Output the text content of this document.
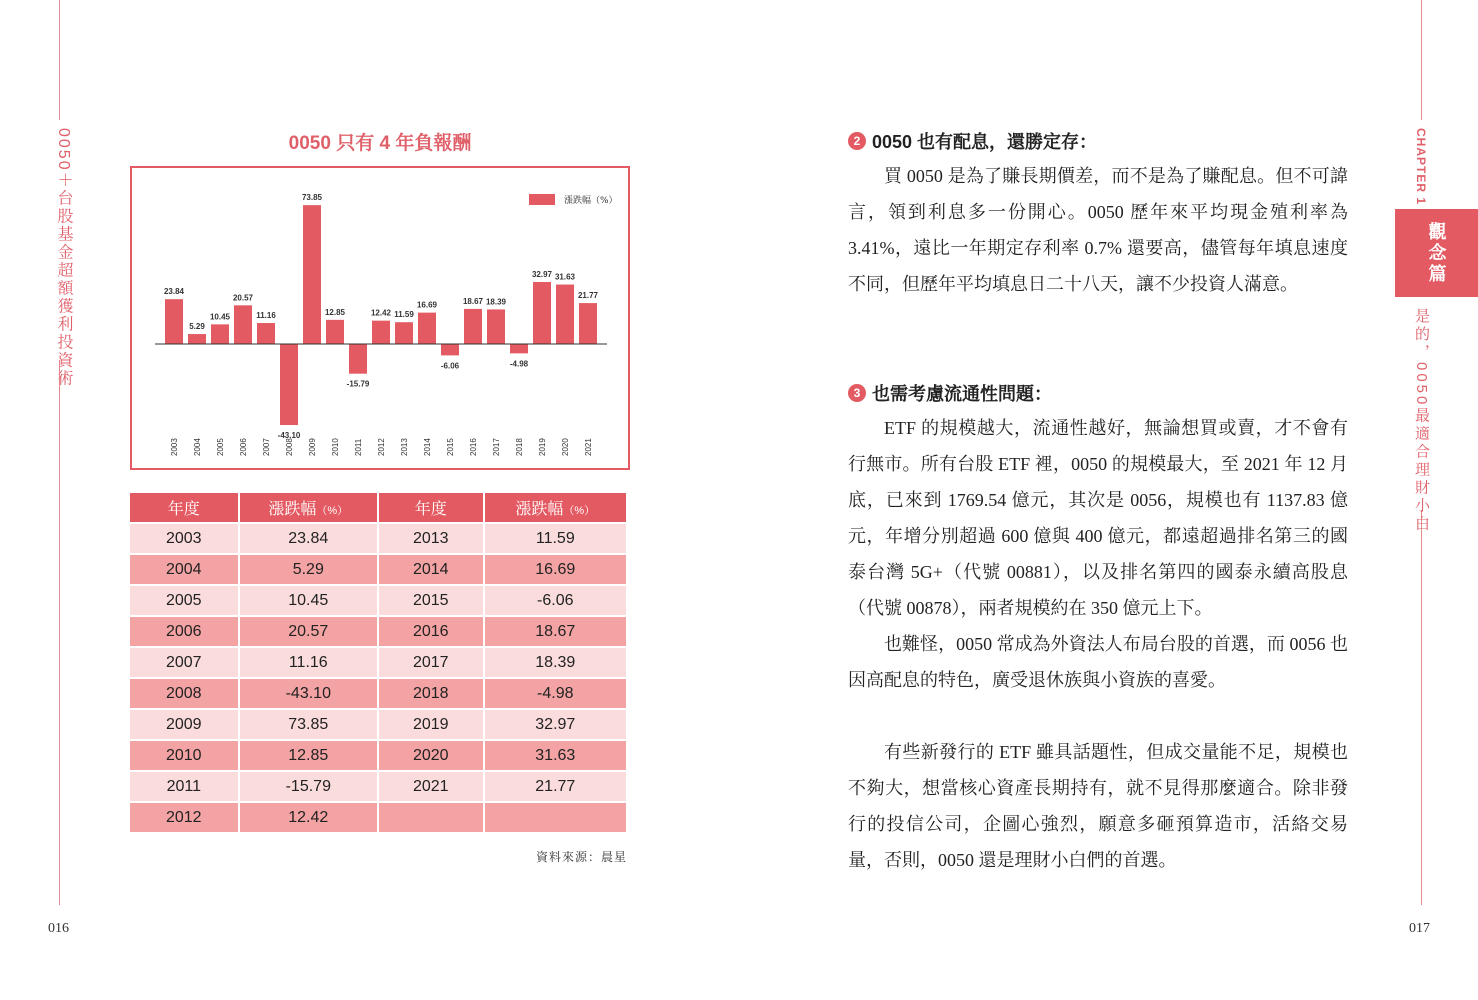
0050＋台股基金超額獲利投資術
016
0050 只有 4 年負報酬
漲跌幅（%）
23.84
2003
5.29
2004
10.45
2005
20.57
2006
11.16
2007
-43.10
2008
73.85
2009
12.85
2010
-15.79
2011
12.42
2012
11.59
2013
16.69
2014
-6.06
2015
18.67
2016
18.39
2017
-4.98
2018
32.97
2019
31.63
2020
21.77
2021
年度	漲跌幅（%）	年度	漲跌幅（%）
2003	23.84	2013	11.59
2004	5.29	2014	16.69
2005	10.45	2015	-6.06
2006	20.57	2016	18.67
2007	11.16	2017	18.39
2008	-43.10	2018	-4.98
2009	73.85	2019	32.97
2010	12.85	2020	31.63
2011	-15.79	2021	21.77
2012	12.42		
資料來源：晨星
CHAPTER 1
觀念篇
是的，0050最適合理財小白
017
2 0050 也有配息，還勝定存：

買 0050 是為了賺長期價差，而不是為了賺配息。但不可諱言，領到利息多一份開心。0050 歷年來平均現金殖利率為 3.41%，遠比一年期定存利率 0.7% 還要高，儘管每年填息速度不同，但歷年平均填息日二十八天，讓不少投資人滿意。

3 也需考慮流通性問題：

ETF 的規模越大，流通性越好，無論想買或賣，才不會有行無市。所有台股 ETF 裡，0050 的規模最大，至 2021 年 12 月底，已來到 1769.54 億元，其次是 0056，規模也有 1137.83 億元，年增分別超過 600 億與 400 億元，都遠超過排名第三的國泰台灣 5G+（代號 00881），以及排名第四的國泰永續高股息（代號 00878），兩者規模約在 350 億元上下。

也難怪，0050 常成為外資法人布局台股的首選，而 0056 也因高配息的特色，廣受退休族與小資族的喜愛。

有些新發行的 ETF 雖具話題性，但成交量能不足，規模也不夠大，想當核心資產長期持有，就不見得那麼適合。除非發行的投信公司，企圖心強烈，願意多砸預算造市，活絡交易量，否則，0050 還是理財小白們的首選。
